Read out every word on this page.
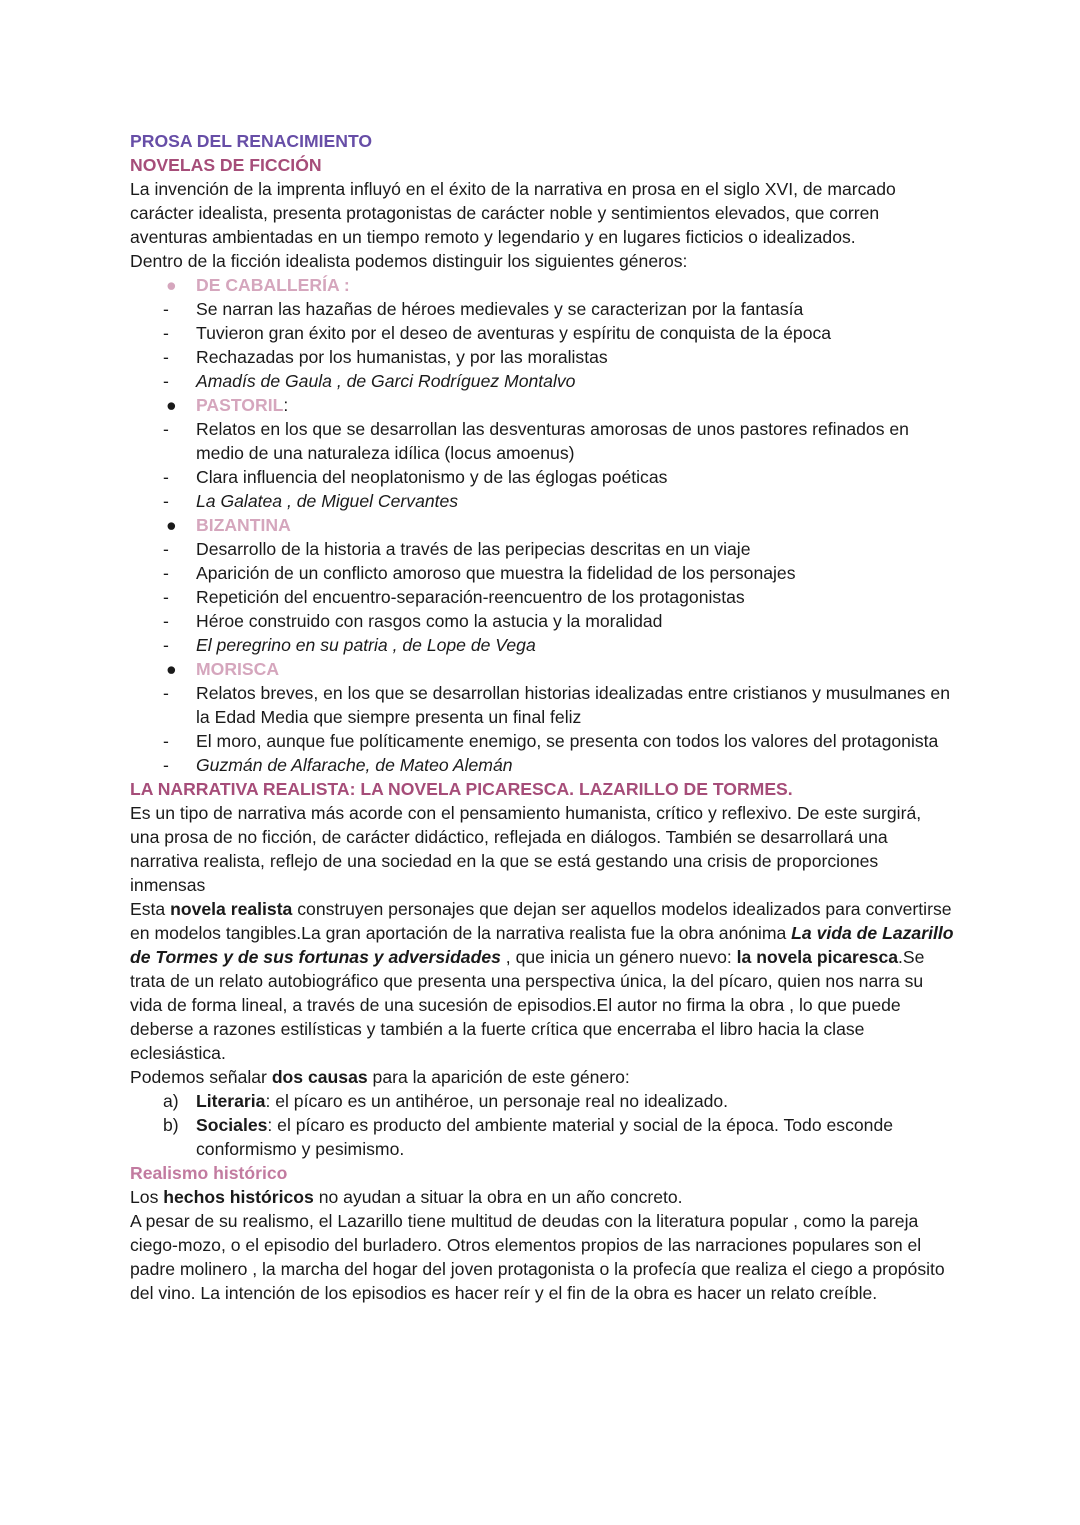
PROSA DEL RENACIMIENTO
NOVELAS DE FICCIÓN
La invención de la imprenta influyó en el éxito de la narrativa en prosa en el siglo XVI, de marcado carácter idealista, presenta protagonistas de carácter noble y sentimientos elevados, que corren aventuras ambientadas en un tiempo remoto y legendario y en lugares ficticios o idealizados.
Dentro de la ficción idealista podemos distinguir los siguientes géneros:
● DE CABALLERÍA :
- Se narran las hazañas de héroes medievales y se caracterizan por la fantasía
- Tuvieron gran éxito por el deseo de aventuras y espíritu de conquista de la época
- Rechazadas por los humanistas, y por las moralistas
- Amadís de Gaula , de Garci Rodríguez Montalvo
● PASTORIL:
- Relatos en los que se desarrollan las desventuras amorosas de unos pastores refinados en medio de una naturaleza idílica (locus amoenus)
- Clara influencia del neoplatonismo y de las églogas poéticas
- La Galatea , de Miguel Cervantes
● BIZANTINA
- Desarrollo de la historia a través de las peripecias descritas en un viaje
- Aparición de un conflicto amoroso que muestra la fidelidad de los personajes
- Repetición del encuentro-separación-reencuentro de los protagonistas
- Héroe construido con rasgos como la astucia y la moralidad
- El peregrino en su patria , de Lope de Vega
● MORISCA
- Relatos breves, en los que se desarrollan historias idealizadas entre cristianos y musulmanes en la Edad Media que siempre presenta un final feliz
- El moro, aunque fue políticamente enemigo, se presenta con todos los valores del protagonista
- Guzmán de Alfarache, de Mateo Alemán
LA NARRATIVA REALISTA: LA NOVELA PICARESCA. LAZARILLO DE TORMES.
Es un tipo de narrativa más acorde con el pensamiento humanista, crítico y reflexivo. De este surgirá, una prosa de no ficción, de carácter didáctico, reflejada en diálogos. También se desarrollará una narrativa realista, reflejo de una sociedad en la que se está gestando una crisis de proporciones inmensas
Esta novela realista construyen personajes que dejan ser aquellos modelos idealizados para convertirse en modelos tangibles.La gran aportación de la narrativa realista fue la obra anónima La vida de Lazarillo de Tormes y de sus fortunas y adversidades , que inicia un género nuevo: la novela picaresca.Se trata de un relato autobiográfico que presenta una perspectiva única, la del pícaro, quien nos narra su vida de forma lineal, a través de una sucesión de episodios.El autor no firma la obra , lo que puede deberse a razones estilísticas y también a la fuerte crítica que encerraba el libro hacia la clase eclesiástica.
Podemos señalar dos causas para la aparición de este género:
a) Literaria: el pícaro es un antihéroe, un personaje real no idealizado.
b) Sociales: el pícaro es producto del ambiente material y social de la época. Todo esconde conformismo y pesimismo.
Realismo histórico
Los hechos históricos no ayudan a situar la obra en un año concreto.
A pesar de su realismo, el Lazarillo tiene multitud de deudas con la literatura popular , como la pareja ciego-mozo, o el episodio del burladero. Otros elementos propios de las narraciones populares son el padre molinero , la marcha del hogar del joven protagonista o la profecía que realiza el ciego a propósito del vino. La intención de los episodios es hacer reír y el fin de la obra es hacer un relato creíble.
